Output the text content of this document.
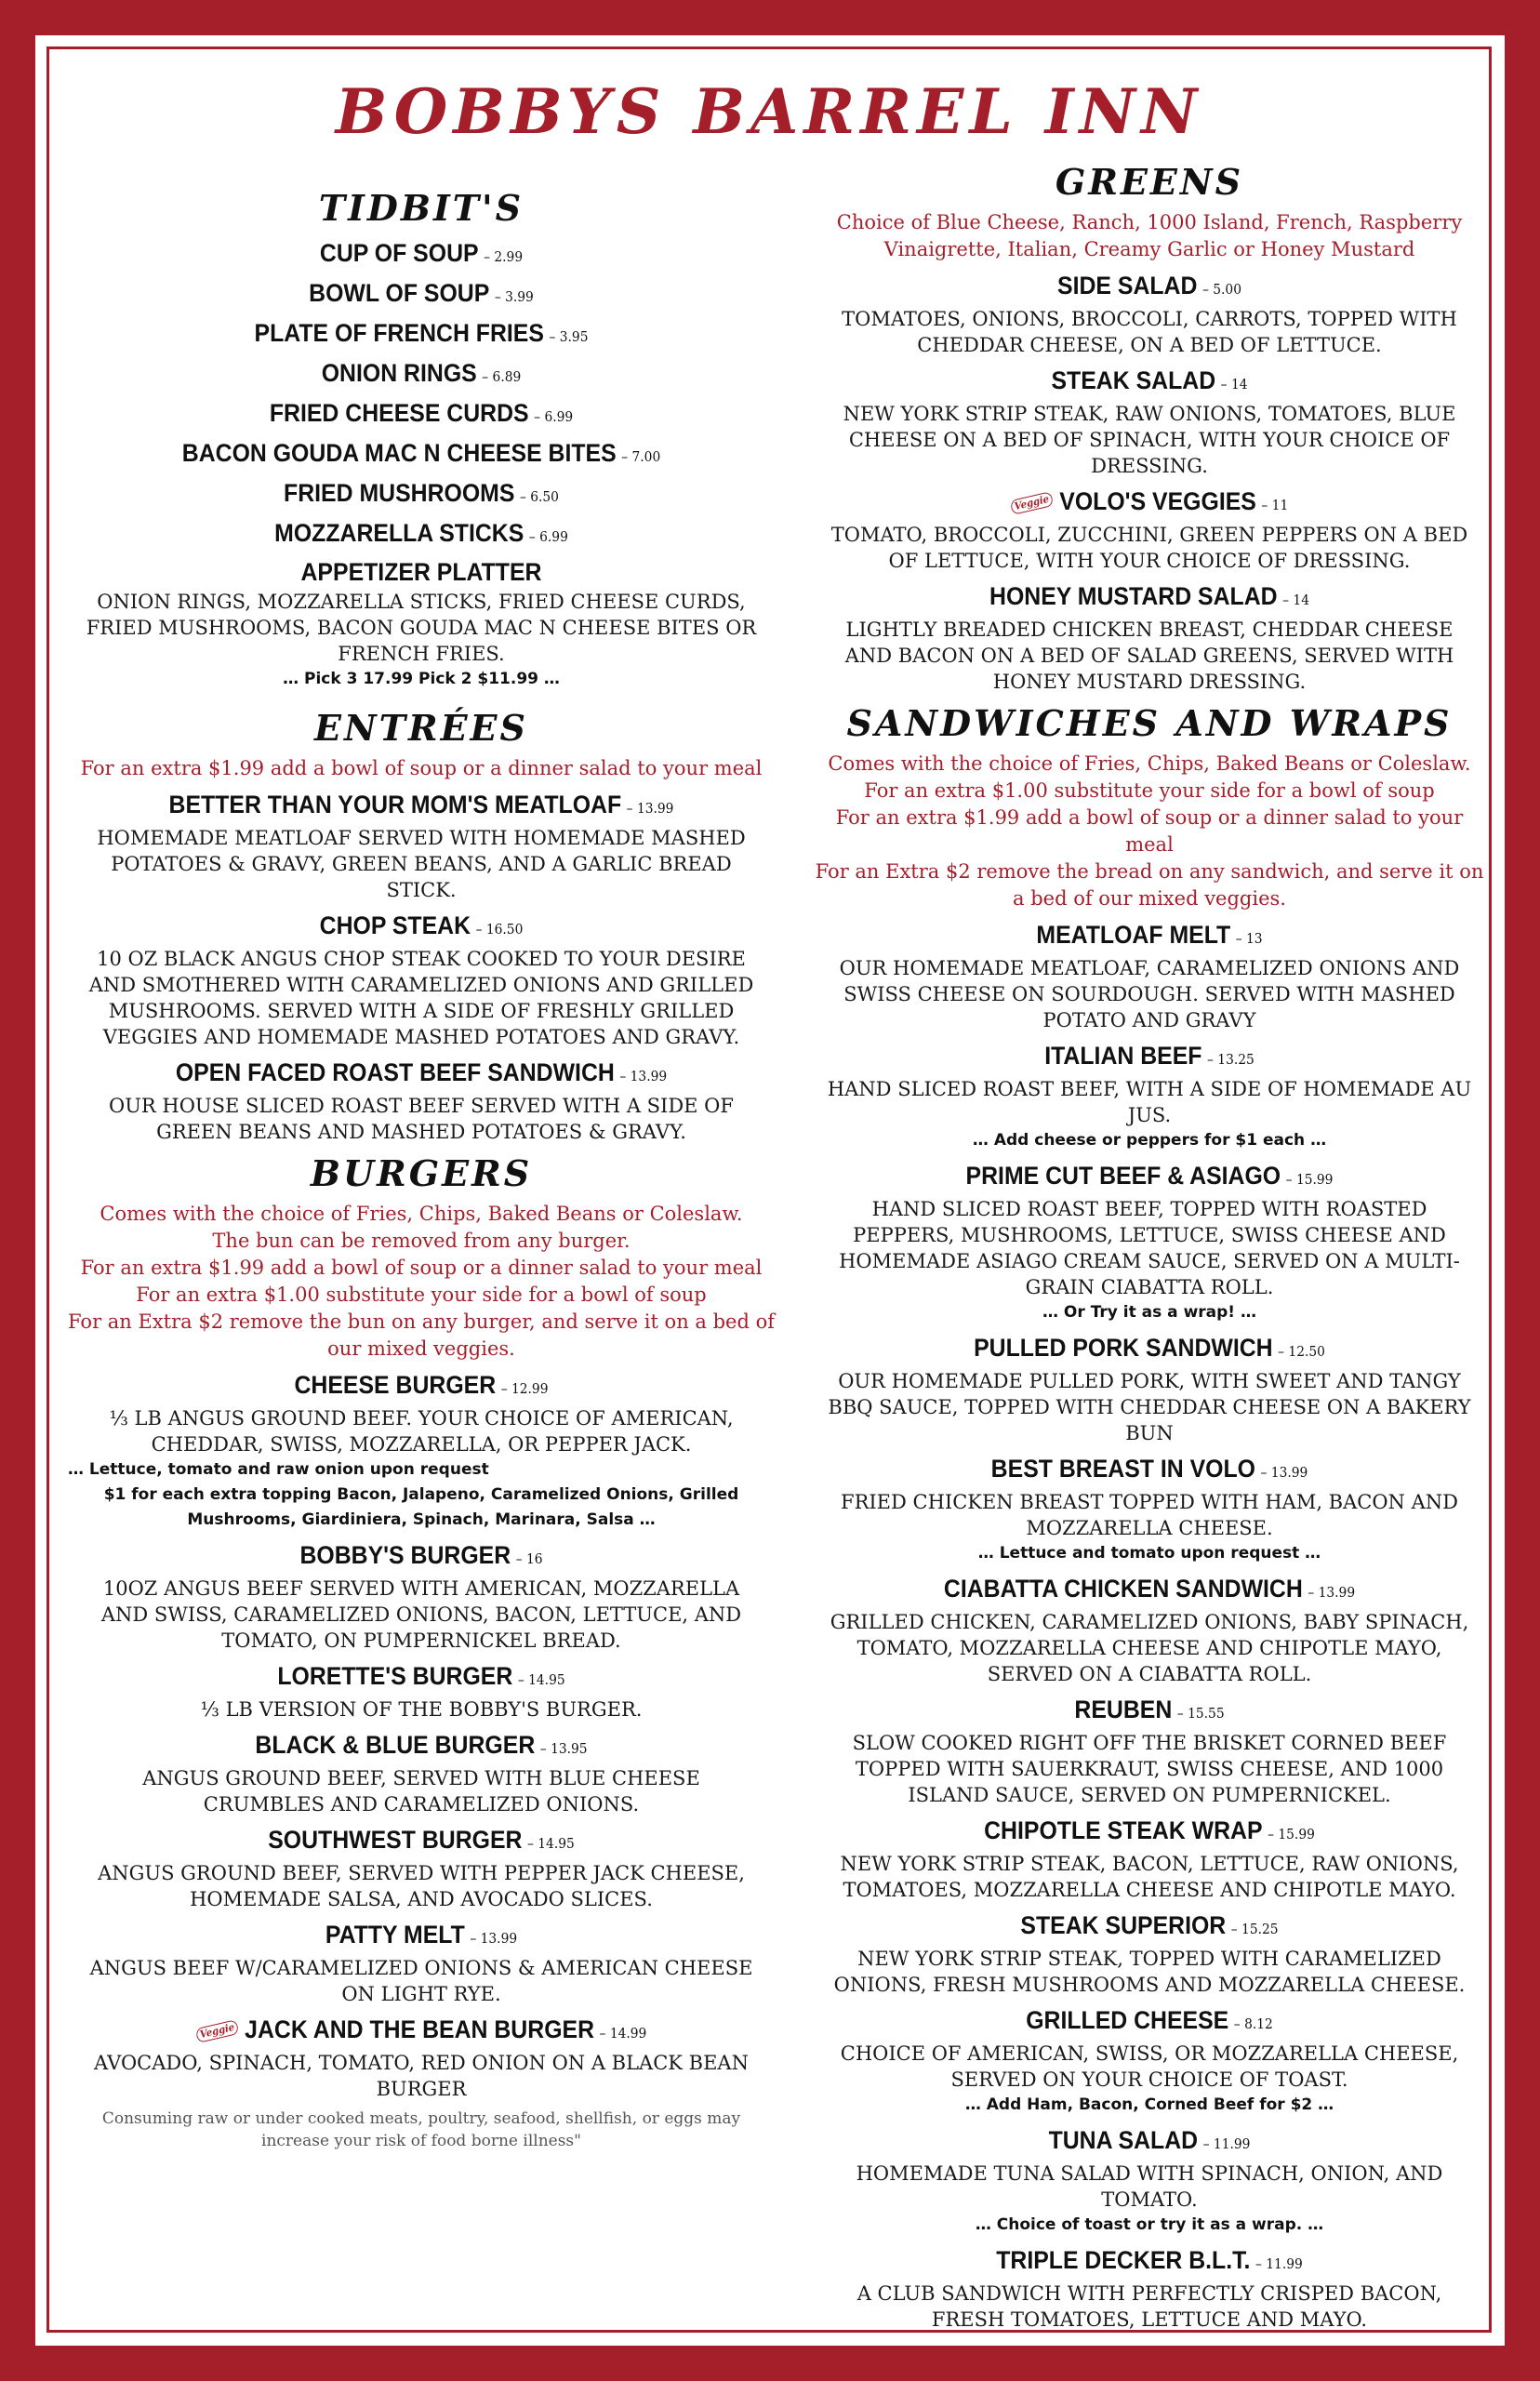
BOBBYS BARREL INN
TIDBIT'S
CUP OF SOUP – 2.99
BOWL OF SOUP – 3.99
PLATE OF FRENCH FRIES – 3.95
ONION RINGS – 6.89
FRIED CHEESE CURDS – 6.99
BACON GOUDA MAC N CHEESE BITES – 7.00
FRIED MUSHROOMS – 6.50
MOZZARELLA STICKS – 6.99
APPETIZER PLATTER

ONION RINGS, MOZZARELLA STICKS, FRIED CHEESE CURDS, FRIED MUSHROOMS, BACON GOUDA MAC N CHEESE BITES OR FRENCH FRIES.

… Pick 3 17.99 Pick 2 $11.99 …

ENTRÉES

For an extra $1.99 add a bowl of soup or a dinner salad to your meal

BETTER THAN YOUR MOM'S MEATLOAF – 13.99

HOMEMADE MEATLOAF SERVED WITH HOMEMADE MASHED POTATOES & GRAVY, GREEN BEANS, AND A GARLIC BREAD STICK.

CHOP STEAK – 16.50

10 OZ BLACK ANGUS CHOP STEAK COOKED TO YOUR DESIRE AND SMOTHERED WITH CARAMELIZED ONIONS AND GRILLED MUSHROOMS. SERVED WITH A SIDE OF FRESHLY GRILLED VEGGIES AND HOMEMADE MASHED POTATOES AND GRAVY.

OPEN FACED ROAST BEEF SANDWICH – 13.99

OUR HOUSE SLICED ROAST BEEF SERVED WITH A SIDE OF GREEN BEANS AND MASHED POTATOES & GRAVY.

BURGERS

Comes with the choice of Fries, Chips, Baked Beans or Coleslaw.

The bun can be removed from any burger.

For an extra $1.99 add a bowl of soup or a dinner salad to your meal

For an extra $1.00 substitute your side for a bowl of soup

For an Extra $2 remove the bun on any burger, and serve it on a bed of our mixed veggies.

CHEESE BURGER – 12.99

⅓ LB ANGUS GROUND BEEF. YOUR CHOICE OF AMERICAN, CHEDDAR, SWISS, MOZZARELLA, OR PEPPER JACK.

… Lettuce, tomato and raw onion upon request

$1 for each extra topping Bacon, Jalapeno, Caramelized Onions, Grilled Mushrooms, Giardiniera, Spinach, Marinara, Salsa …

BOBBY'S BURGER – 16

10OZ ANGUS BEEF SERVED WITH AMERICAN, MOZZARELLA AND SWISS, CARAMELIZED ONIONS, BACON, LETTUCE, AND TOMATO, ON PUMPERNICKEL BREAD.

LORETTE'S BURGER – 14.95

⅓ LB VERSION OF THE BOBBY'S BURGER.

BLACK & BLUE BURGER – 13.95

ANGUS GROUND BEEF, SERVED WITH BLUE CHEESE CRUMBLES AND CARAMELIZED ONIONS.

SOUTHWEST BURGER – 14.95

ANGUS GROUND BEEF, SERVED WITH PEPPER JACK CHEESE, HOMEMADE SALSA, AND AVOCADO SLICES.

PATTY MELT – 13.99

ANGUS BEEF W/CARAMELIZED ONIONS & AMERICAN CHEESE ON LIGHT RYE.

Veggie JACK AND THE BEAN BURGER – 14.99

AVOCADO, SPINACH, TOMATO, RED ONION ON A BLACK BEAN BURGER

Consuming raw or under cooked meats, poultry, seafood, shellfish, or eggs may increase your risk of food borne illness"

GREENS

Choice of Blue Cheese, Ranch, 1000 Island, French, Raspberry Vinaigrette, Italian, Creamy Garlic or Honey Mustard

SIDE SALAD – 5.00

TOMATOES, ONIONS, BROCCOLI, CARROTS, TOPPED WITH CHEDDAR CHEESE, ON A BED OF LETTUCE.

STEAK SALAD – 14

NEW YORK STRIP STEAK, RAW ONIONS, TOMATOES, BLUE CHEESE ON A BED OF SPINACH, WITH YOUR CHOICE OF DRESSING.

Veggie VOLO'S VEGGIES – 11

TOMATO, BROCCOLI, ZUCCHINI, GREEN PEPPERS ON A BED OF LETTUCE, WITH YOUR CHOICE OF DRESSING.

HONEY MUSTARD SALAD – 14

LIGHTLY BREADED CHICKEN BREAST, CHEDDAR CHEESE AND BACON ON A BED OF SALAD GREENS, SERVED WITH HONEY MUSTARD DRESSING.

SANDWICHES AND WRAPS

Comes with the choice of Fries, Chips, Baked Beans or Coleslaw.

For an extra $1.00 substitute your side for a bowl of soup

For an extra $1.99 add a bowl of soup or a dinner salad to your meal

For an Extra $2 remove the bread on any sandwich, and serve it on a bed of our mixed veggies.

MEATLOAF MELT – 13

OUR HOMEMADE MEATLOAF, CARAMELIZED ONIONS AND SWISS CHEESE ON SOURDOUGH. SERVED WITH MASHED POTATO AND GRAVY

ITALIAN BEEF – 13.25

HAND SLICED ROAST BEEF, WITH A SIDE OF HOMEMADE AU JUS.

… Add cheese or peppers for $1 each …

PRIME CUT BEEF & ASIAGO – 15.99

HAND SLICED ROAST BEEF, TOPPED WITH ROASTED PEPPERS, MUSHROOMS, LETTUCE, SWISS CHEESE AND HOMEMADE ASIAGO CREAM SAUCE, SERVED ON A MULTI-GRAIN CIABATTA ROLL.

… Or Try it as a wrap! …

PULLED PORK SANDWICH – 12.50

OUR HOMEMADE PULLED PORK, WITH SWEET AND TANGY BBQ SAUCE, TOPPED WITH CHEDDAR CHEESE ON A BAKERY BUN

BEST BREAST IN VOLO – 13.99

FRIED CHICKEN BREAST TOPPED WITH HAM, BACON AND MOZZARELLA CHEESE.

… Lettuce and tomato upon request …

CIABATTA CHICKEN SANDWICH – 13.99

GRILLED CHICKEN, CARAMELIZED ONIONS, BABY SPINACH, TOMATO, MOZZARELLA CHEESE AND CHIPOTLE MAYO, SERVED ON A CIABATTA ROLL.

REUBEN – 15.55

SLOW COOKED RIGHT OFF THE BRISKET CORNED BEEF TOPPED WITH SAUERKRAUT, SWISS CHEESE, AND 1000 ISLAND SAUCE, SERVED ON PUMPERNICKEL.

CHIPOTLE STEAK WRAP – 15.99

NEW YORK STRIP STEAK, BACON, LETTUCE, RAW ONIONS, TOMATOES, MOZZARELLA CHEESE AND CHIPOTLE MAYO.

STEAK SUPERIOR – 15.25

NEW YORK STRIP STEAK, TOPPED WITH CARAMELIZED ONIONS, FRESH MUSHROOMS AND MOZZARELLA CHEESE.

GRILLED CHEESE – 8.12

CHOICE OF AMERICAN, SWISS, OR MOZZARELLA CHEESE, SERVED ON YOUR CHOICE OF TOAST.

… Add Ham, Bacon, Corned Beef for $2 …

TUNA SALAD – 11.99

HOMEMADE TUNA SALAD WITH SPINACH, ONION, AND TOMATO.

… Choice of toast or try it as a wrap. …

TRIPLE DECKER B.L.T. – 11.99

A CLUB SANDWICH WITH PERFECTLY CRISPED BACON, FRESH TOMATOES, LETTUCE AND MAYO.
